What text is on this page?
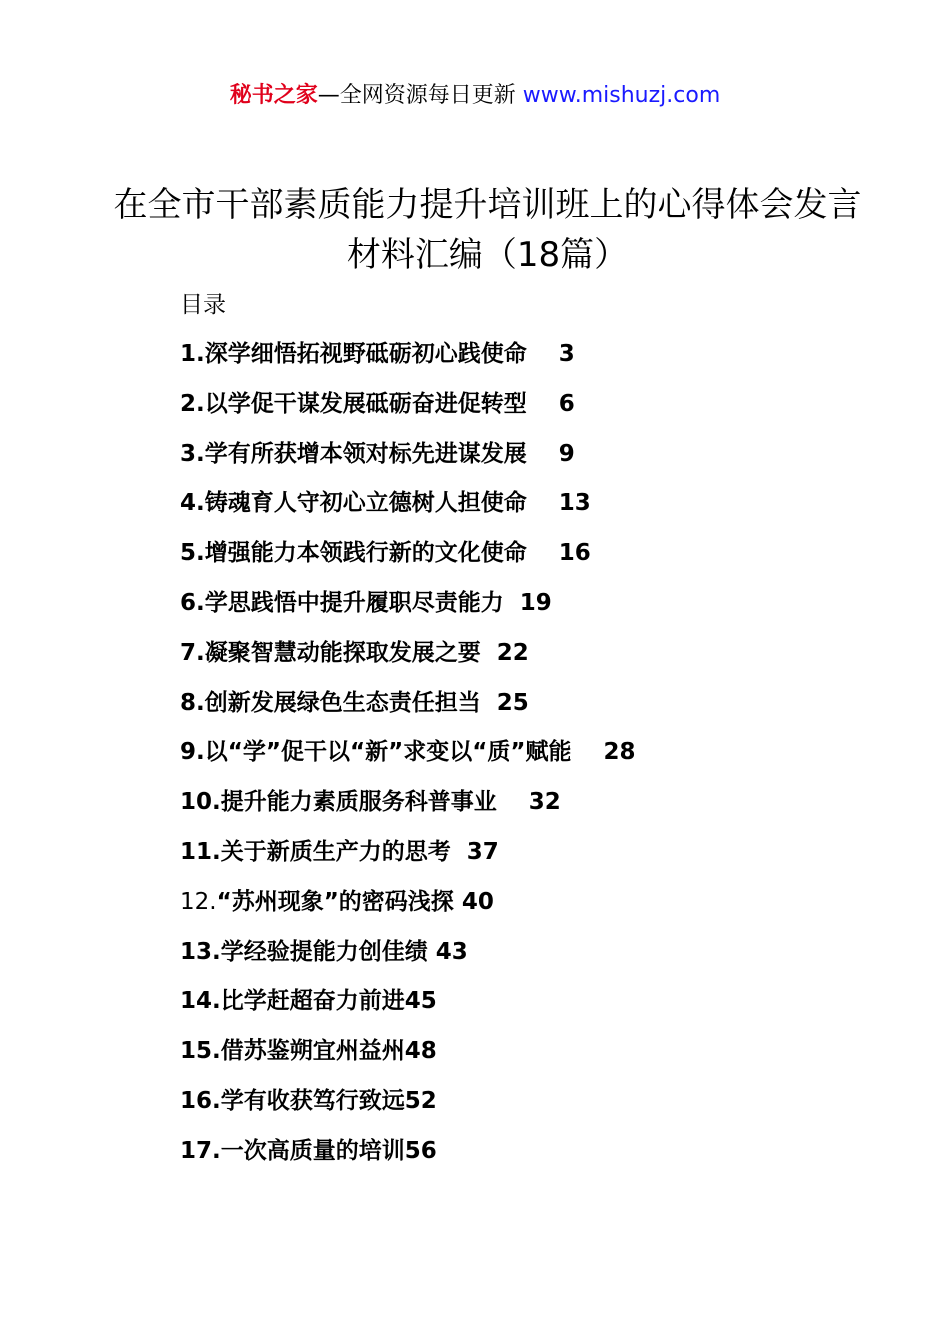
秘书之家—全网资源每日更新 www.mishuzj.com
在全市干部素质能力提升培训班上的心得体会发言材料汇编（18篇）
目录
1.深学细悟拓视野砥砺初心践使命 3
2.以学促干谋发展砥砺奋进促转型 6
3.学有所获增本领对标先进谋发展 9
4.铸魂育人守初心立德树人担使命 13
5.增强能力本领践行新的文化使命 16
6.学思践悟中提升履职尽责能力 19
7.凝聚智慧动能探取发展之要 22
8.创新发展绿色生态责任担当 25
9.以“学”促干以“新”求变以“质”赋能 28
10.提升能力素质服务科普事业 32
11.关于新质生产力的思考 37
12.“苏州现象”的密码浅探 40
13.学经验提能力创佳绩 43
14.比学赶超奋力前进45
15.借苏鉴朔宜州益州48
16.学有收获笃行致远52
17.一次高质量的培训56
